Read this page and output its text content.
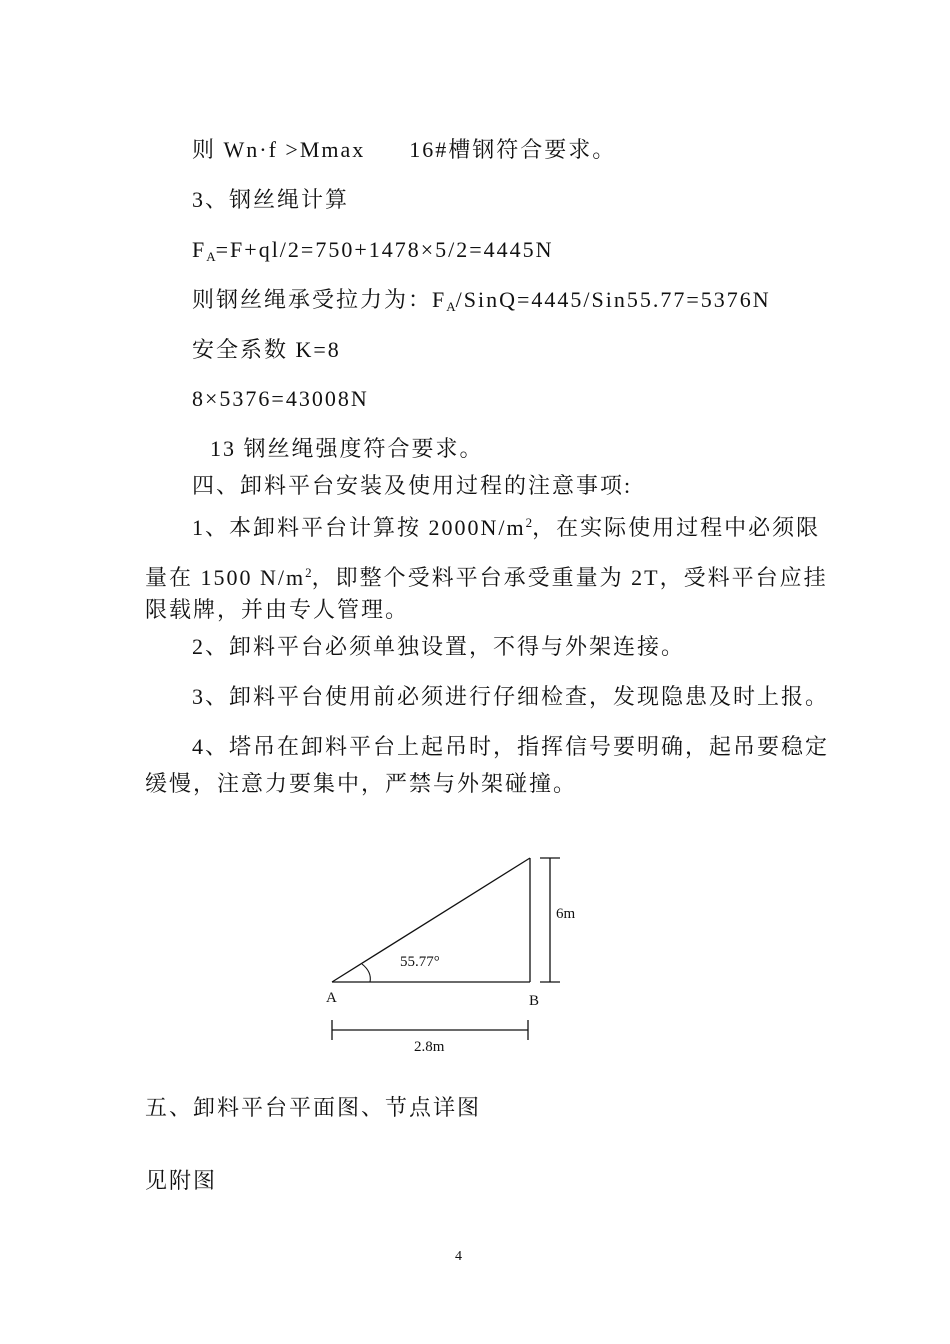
则 Wn·f >Mmax 16#槽钢符合要求。
3、钢丝绳计算
$F_A=F+ql/2=750+1478\times 5/2=4445N$
则钢丝绳承受拉力为：$F_A/SinQ=4445/Sin55.77=5376N$
安全系数 K=8
8×5376=43008N
13 钢丝绳强度符合要求。
四、卸料平台安装及使用过程的注意事项:
1、本卸料平台计算按 $2000N/m^2$，在实际使用过程中必须限
量在 1500 $N/m^2$，即整个受料平台承受重量为 2T，受料平台应挂
限载牌，并由专人管理。
2、卸料平台必须单独设置，不得与外架连接。
3、卸料平台使用前必须进行仔细检查，发现隐患及时上报。
4、塔吊在卸料平台上起吊时，指挥信号要明确，起吊要稳定
缓慢，注意力要集中，严禁与外架碰撞。
55.77°
6m
A	B
2.8m
五、卸料平台平面图、节点详图
见附图
4
